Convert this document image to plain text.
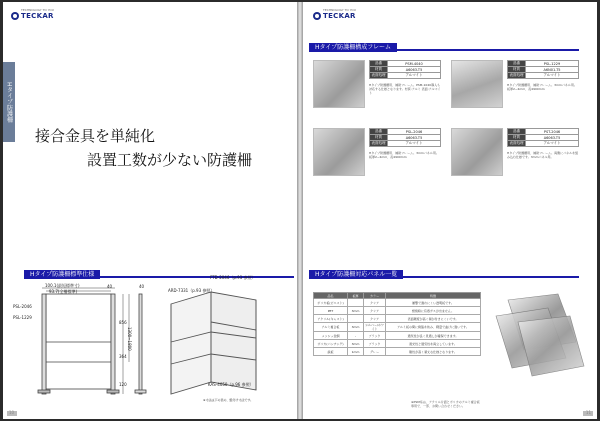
TECKAR
TECHNOLOGY TO YOU
Hタイプ防護柵
接合金具を単純化
設置工数が少ない防護柵
Hタイプ防護柵標準仕様
100.1(最短標準寸)
93.7(全柵標準)
PSL-2046
PSL-1229
FTD-2046（p.93 参照）
ARD-7331（p.93 参照）
KAS-4050（p.96 参照）
1300~1800
856
364
40	40
120
※寸法は下の表の、組付け寸法です。
10
TECKAR
TECHNOLOGY TO YOU
Hタイプ防護柵構成フレーム
品番	PSM-4040
材質	A6063-T5
表面処理	アルマイト
Hタイプ防護柵用、補助フレーム。PSM-1040導入も対応する仕様となります。材質:アルミ 表面:アルマイト
品番	PSL-1229
材質	A6N01-T5
表面処理	アルマイト
Hタイプ防護柵用、補助フレーム。3mmパネル用。板厚2~4mm、長4900mm
品番	PSL-2046
材質	A6063-T5
表面処理	アルマイト
Hタイプ防護柵用、補助フレーム。3mmパネル用。板厚2~4mm、長4900mm
品番	PST-2046
材質	A6063-T5
表面処理	アルマイト
Hタイプ防護柵用、補助フレーム。両側にパネルを組み込む仕様です。3mmパネル用。
Hタイプ防護柵対応パネル一覧
品名	板厚	カラー	特徴
ポリカ板(ピエスト)		クリア	衝撃で割れにくい透明板です。
PET	3mm	クリア	燃焼時に有毒ガスが出ません。
アクリル(キャスト)		クリア	表面硬度が高く傷が付きにくいです。
アルミ複合板	3mm	シルバー/ホワイト	アルミ板の間に樹脂を挟み、軽量で曲げに強いです。
メッシュ金網	-	ブラック	通気性が良く見通しが確保できます。
ポリカ(パンチング)	3mm	ブラック	遮光性と通気性を両立しています。
鉄板	1mm	グレー	剛性が高く頑丈な仕様となります。
※PSM系は、アクリル片面とポリカのアルミ複合板専用で、一部、お問い合わせください。
11
